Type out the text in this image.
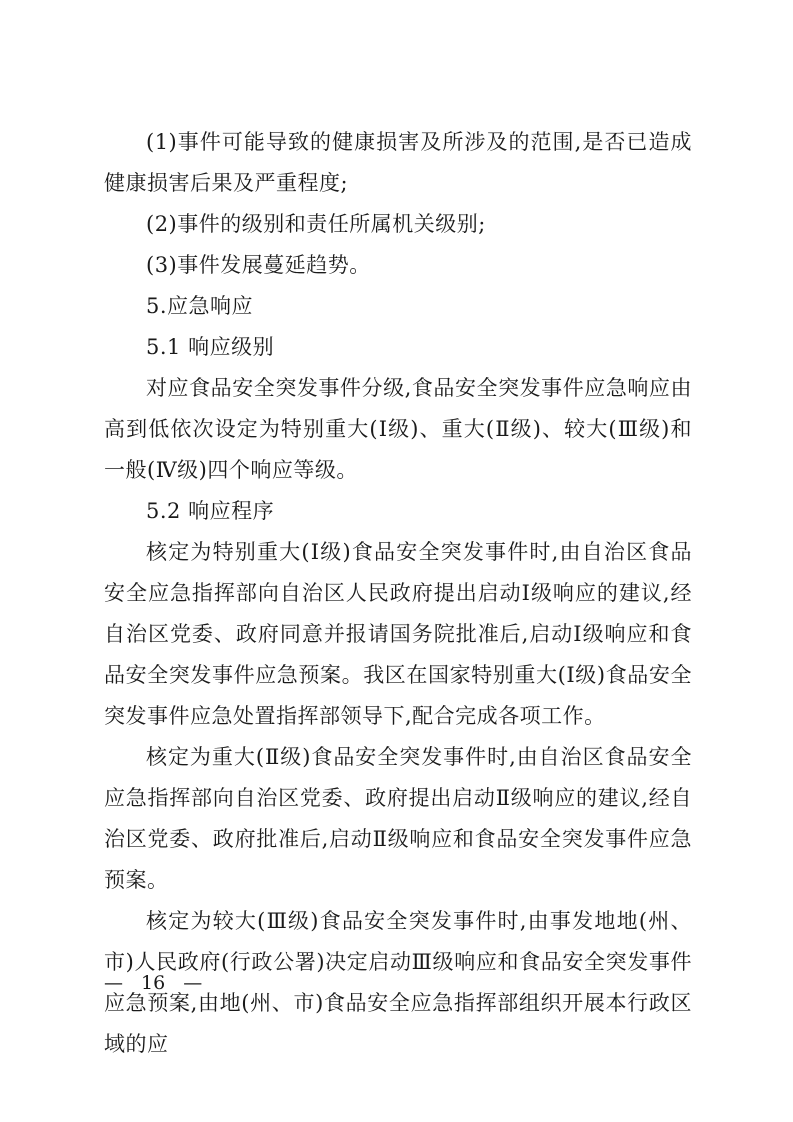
(1)事件可能导致的健康损害及所涉及的范围,是否已造成健康损害后果及严重程度;

(2)事件的级别和责任所属机关级别;

(3)事件发展蔓延趋势。

5.应急响应

5.1 响应级别

对应食品安全突发事件分级,食品安全突发事件应急响应由高到低依次设定为特别重大(Ⅰ级)、重大(Ⅱ级)、较大(Ⅲ级)和一般(Ⅳ级)四个响应等级。

5.2 响应程序

核定为特别重大(Ⅰ级)食品安全突发事件时,由自治区食品安全应急指挥部向自治区人民政府提出启动Ⅰ级响应的建议,经自治区党委、政府同意并报请国务院批准后,启动Ⅰ级响应和食品安全突发事件应急预案。我区在国家特别重大(Ⅰ级)食品安全突发事件应急处置指挥部领导下,配合完成各项工作。

核定为重大(Ⅱ级)食品安全突发事件时,由自治区食品安全应急指挥部向自治区党委、政府提出启动Ⅱ级响应的建议,经自治区党委、政府批准后,启动Ⅱ级响应和食品安全突发事件应急预案。

核定为较大(Ⅲ级)食品安全突发事件时,由事发地地(州、市)人民政府(行政公署)决定启动Ⅲ级响应和食品安全突发事件应急预案,由地(州、市)食品安全应急指挥部组织开展本行政区域的应

— 16 —
